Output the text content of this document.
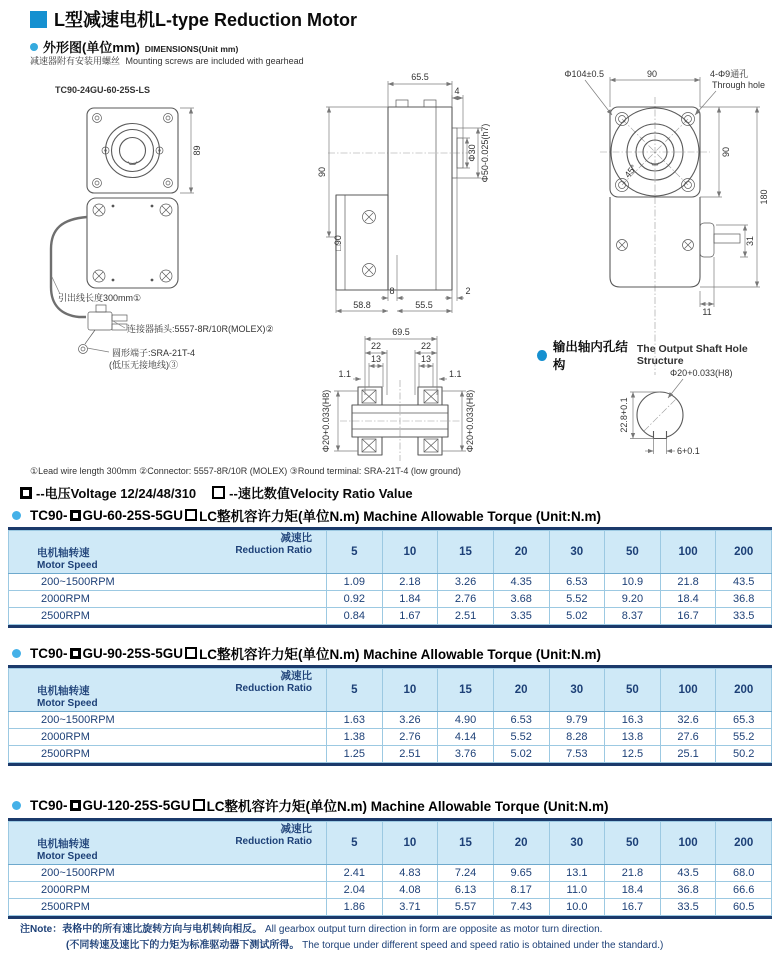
L型减速电机L-type Reduction Motor
外形图(单位mm) DIMENSIONS(Unit mm)
减速器附有安装用螺丝 Mounting screws are included with gearhead
TC90-24GU-60-25S-LS
89
引出线长度300mm①
连接器插头:5557-8R/10R(MOLEX)②
圆形端子:SRA-21T-4
(低压无接地线)③
65.5
4
Φ30 Φ50-0.025(h7)
90
□90
8	2
58.8	55.5
69.5
22	22
13	13
1.1	1.1
Φ20+0.033(H8)	Φ20+0.033(H8)
45°
90
Φ104±0.5	4-Φ9通孔
Through hole
90
180
31
11
Φ20+0.033(H8)
22.8+0.1
6+0.1
输出轴内孔结构
The Output Shaft Hole Structure
①Lead wire length 300mm ②Connector: 5557-8R/10R (MOLEX) ③Round terminal: SRA-21T-4 (low ground)
--电压Voltage 12/24/48/310	--速比数值Velocity Ratio Value
TC90- GU-60-25S-5GU LC整机容许力矩(单位N.m) Machine Allowable Torque (Unit:N.m)
减速比
Reduction Ratio
电机轴转速
Motor Speed	5	10	15	20	30	50	100	200
200~1500RPM	1.09	2.18	3.26	4.35	6.53	10.9	21.8	43.5
2000RPM	0.92	1.84	2.76	3.68	5.52	9.20	18.4	36.8
2500RPM	0.84	1.67	2.51	3.35	5.02	8.37	16.7	33.5
TC90- GU-90-25S-5GU LC整机容许力矩(单位N.m) Machine Allowable Torque (Unit:N.m)
减速比
Reduction Ratio
电机轴转速
Motor Speed	5	10	15	20	30	50	100	200
200~1500RPM	1.63	3.26	4.90	6.53	9.79	16.3	32.6	65.3
2000RPM	1.38	2.76	4.14	5.52	8.28	13.8	27.6	55.2
2500RPM	1.25	2.51	3.76	5.02	7.53	12.5	25.1	50.2
TC90- GU-120-25S-5GU LC整机容许力矩(单位N.m) Machine Allowable Torque (Unit:N.m)
减速比
Reduction Ratio
电机轴转速
Motor Speed	5	10	15	20	30	50	100	200
200~1500RPM	2.41	4.83	7.24	9.65	13.1	21.8	43.5	68.0
2000RPM	2.04	4.08	6.13	8.17	11.0	18.4	36.8	66.6
2500RPM	1.86	3.71	5.57	7.43	10.0	16.7	33.5	60.5
注Note：表格中的所有速比旋转方向与电机转向相反。 All gearbox output turn direction in form are opposite as motor turn direction.
(不同转速及速比下的力矩为标准驱动器下测试所得。 The torque under different speed and speed ratio is obtained under the standard.)
